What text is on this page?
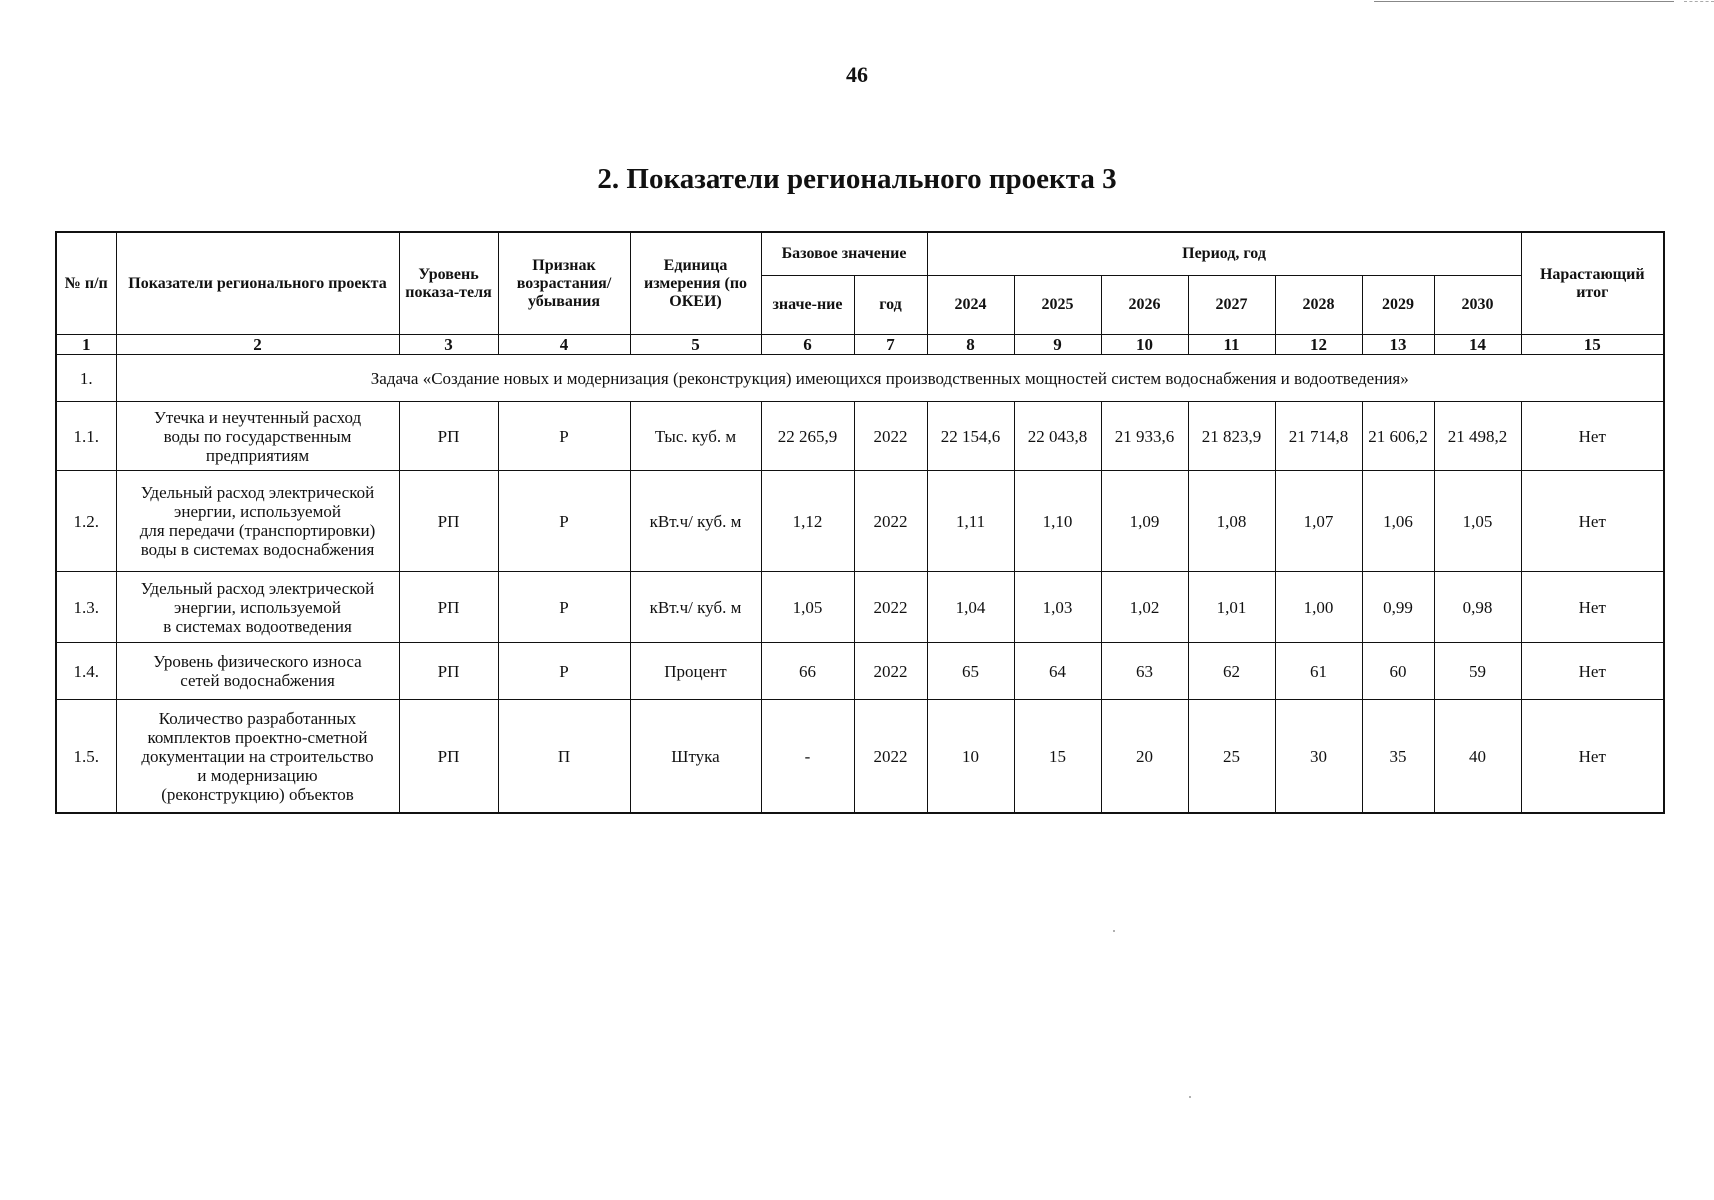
46
2. Показатели регионального проекта 3
№ п/п	Показатели регионального проекта	Уровень показа-теля	Признак возрастания/ убывания	Единица измерения (по ОКЕИ)	Базовое значение		Период, год							Нарастающий итог
					значе-ние	год	2024	2025	2026	2027	2028	2029	2030	
1	2	3	4	5	6	7	8	9	10	11	12	13	14	15
1.	Задача «Создание новых и модернизация (реконструкция) имеющихся производственных мощностей систем водоснабжения и водоотведения»													
1.1.	Утечка и неучтенный расход
воды по государственным
предприятиям	РП	Р	Тыс. куб. м	22 265,9	2022	22 154,6	22 043,8	21 933,6	21 823,9	21 714,8	21 606,2	21 498,2	Нет
1.2.	Удельный расход электрической
энергии, используемой
для передачи (транспортировки)
воды в системах водоснабжения	РП	Р	кВт.ч/ куб. м	1,12	2022	1,11	1,10	1,09	1,08	1,07	1,06	1,05	Нет
1.3.	Удельный расход электрической
энергии, используемой
в системах водоотведения	РП	Р	кВт.ч/ куб. м	1,05	2022	1,04	1,03	1,02	1,01	1,00	0,99	0,98	Нет
1.4.	Уровень физического износа
сетей водоснабжения	РП	Р	Процент	66	2022	65	64	63	62	61	60	59	Нет
1.5.	Количество разработанных
комплектов проектно-сметной
документации на строительство
и модернизацию
(реконструкцию) объектов	РП	П	Штука	-	2022	10	15	20	25	30	35	40	Нет
